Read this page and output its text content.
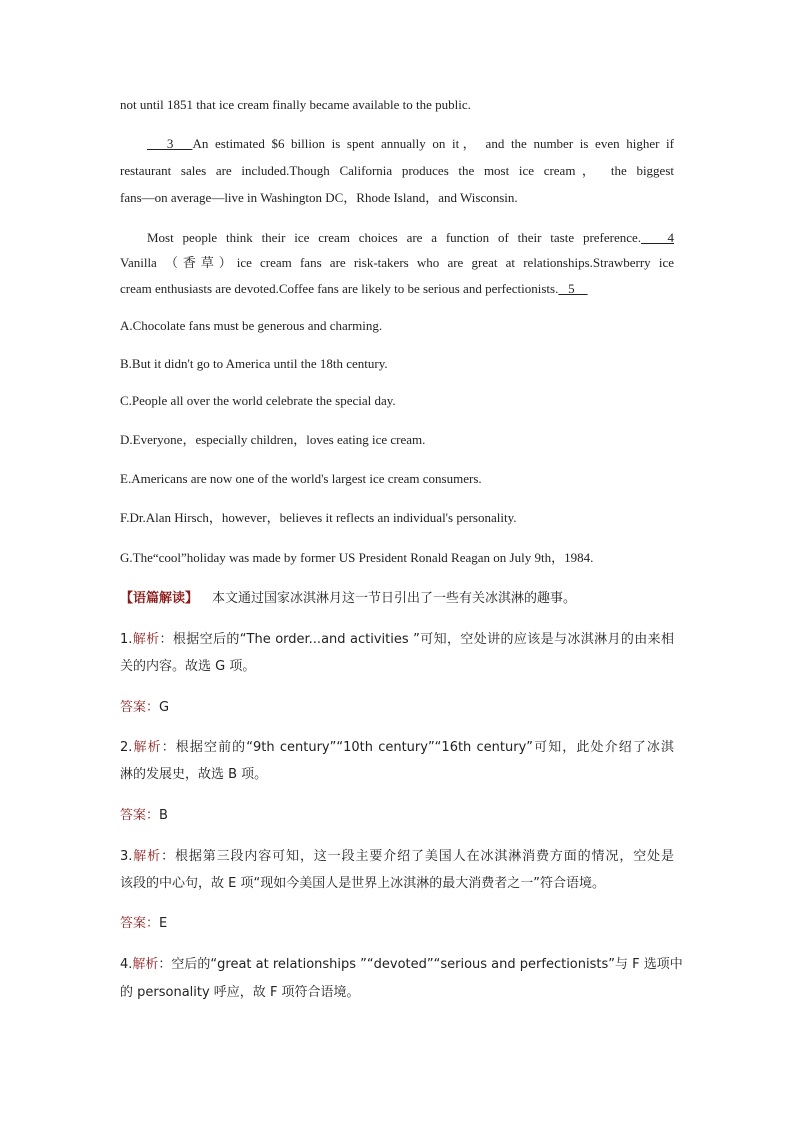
not until 1851 that ice cream finally became available to the public.
3   An estimated $6 billion is spent annually on it， and the number is even higher if
restaurant sales are included.Though California produces the most ice cream， the biggest
fans—on average—live in Washington DC，Rhode Island，and Wisconsin.
Most people think their ice cream choices are a function of their taste preference.   4
Vanilla （香草）ice cream fans are risk-takers who are great at relationships.Strawberry ice
cream enthusiasts are devoted.Coffee fans are likely to be serious and perfectionists.   5
A.Chocolate fans must be generous and charming.
B.But it didn't go to America until the 18th century.
C.People all over the world celebrate the special day.
D.Everyone，especially children，loves eating ice cream.
E.Americans are now one of the world's largest ice cream consumers.
F.Dr.Alan Hirsch，however，believes it reflects an individual's personality.
G.The“cool”holiday was made by former US President Ronald Reagan on July 9th，1984.
【语篇解读】 本文通过国家冰淇淋月这一节日引出了一些有关冰淇淋的趣事。
1.解析：根据空后的“The order...and activities ”可知，空处讲的应该是与冰淇淋月的由来相
关的内容。故选 G 项。
答案：G
2.解析：根据空前的“9th century”“10th century”“16th century”可知，此处介绍了冰淇
淋的发展史，故选 B 项。
答案：B
3.解析：根据第三段内容可知，这一段主要介绍了美国人在冰淇淋消费方面的情况，空处是
该段的中心句，故 E 项“现如今美国人是世界上冰淇淋的最大消费者之一”符合语境。
答案：E
4.解析：空后的“great at relationships ”“devoted”“serious and perfectionists”与 F 选项中
的 personality 呼应，故 F 项符合语境。
